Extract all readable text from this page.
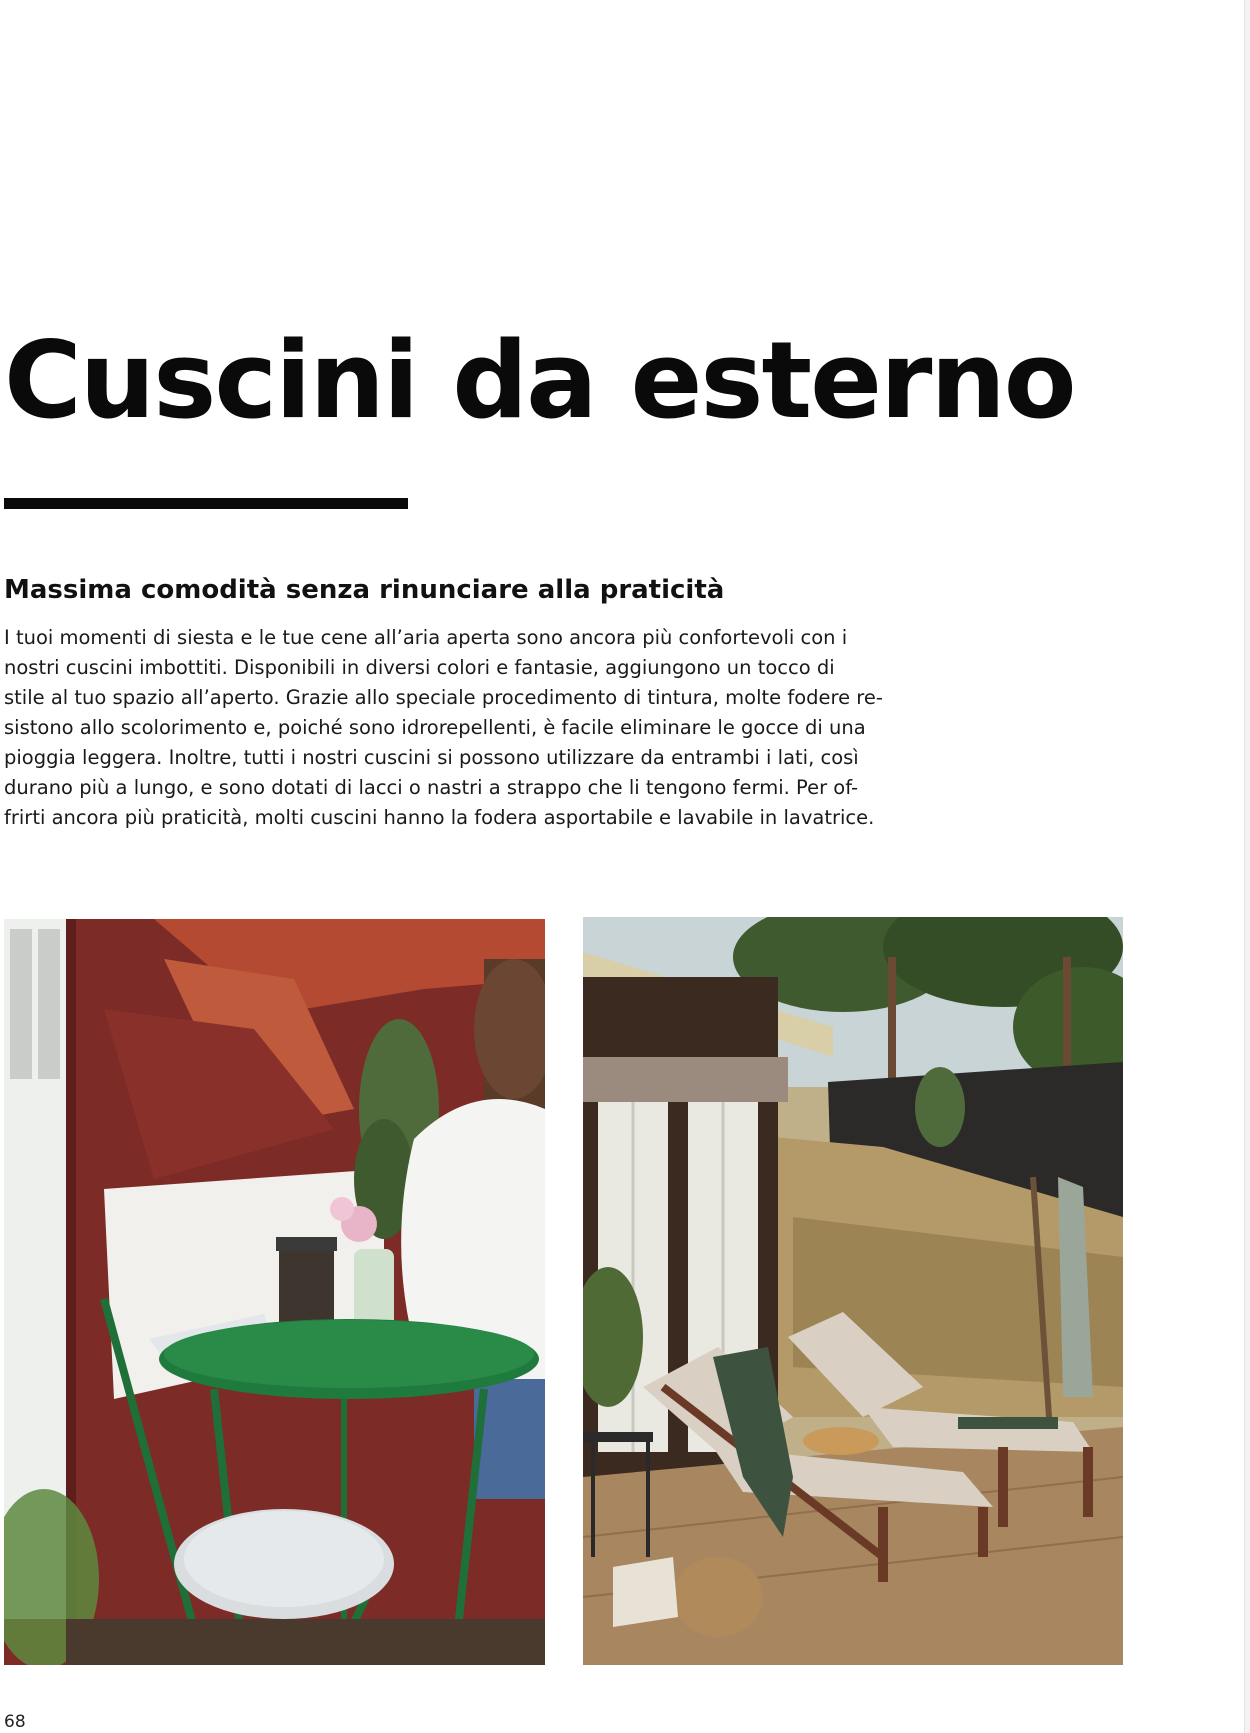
Cuscini da esterno
Massima comodità senza rinunciare alla praticità
I tuoi momenti di siesta e le tue cene all’aria aperta sono ancora più confortevoli con i
nostri cuscini imbottiti. Disponibili in diversi colori e fantasie, aggiungono un tocco di
stile al tuo spazio all’aperto. Grazie allo speciale procedimento di tintura, molte fodere re-
sistono allo scolorimento e, poiché sono idrorepellenti, è facile eliminare le gocce di una
pioggia leggera. Inoltre, tutti i nostri cuscini si possono utilizzare da entrambi i lati, così
durano più a lungo, e sono dotati di lacci o nastri a strappo che li tengono fermi. Per of-
frirti ancora più praticità, molti cuscini hanno la fodera asportabile e lavabile in lavatrice.
68
